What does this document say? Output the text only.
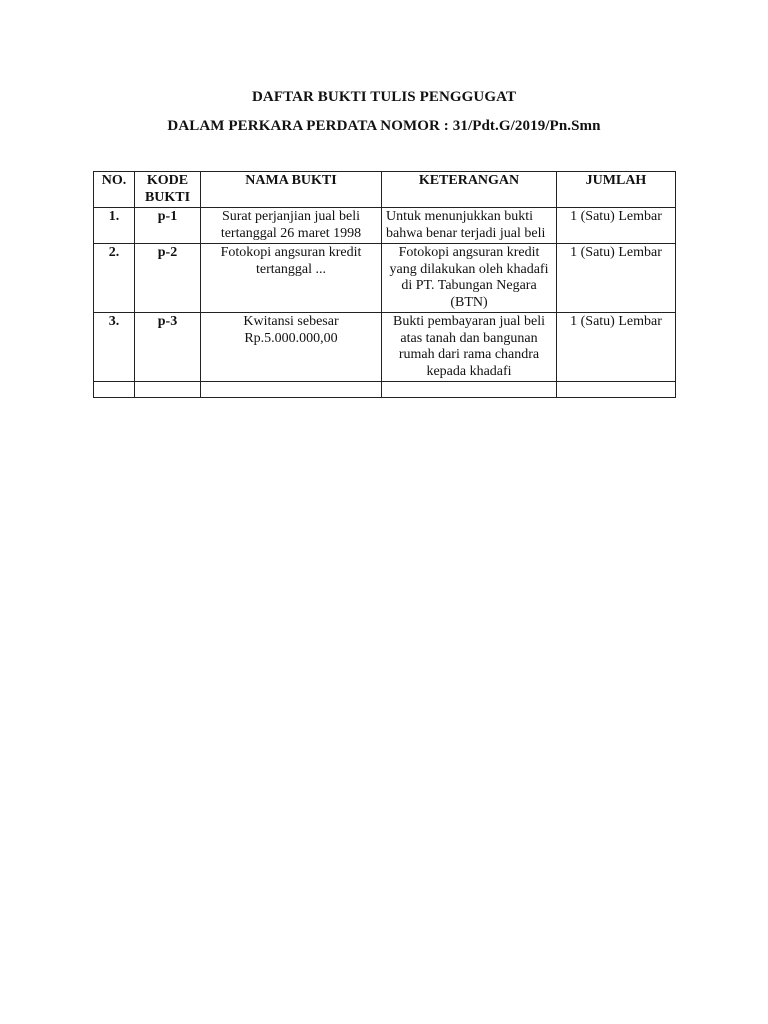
DAFTAR BUKTI TULIS PENGGUGAT
DALAM PERKARA PERDATA NOMOR : 31/Pdt.G/2019/Pn.Smn
NO.	KODE BUKTI	NAMA BUKTI	KETERANGAN	JUMLAH
1.	p-1	Surat perjanjian jual beli tertanggal 26 maret 1998	Untuk menunjukkan bukti bahwa benar terjadi jual beli	1 (Satu) Lembar
2.	p-2	Fotokopi angsuran kredit tertanggal ...	Fotokopi angsuran kredit yang dilakukan oleh khadafi di PT. Tabungan Negara (BTN)	1 (Satu) Lembar
3.	p-3	Kwitansi sebesar Rp.5.000.000,00	Bukti pembayaran jual beli atas tanah dan bangunan rumah dari rama chandra kepada khadafi	1 (Satu) Lembar
